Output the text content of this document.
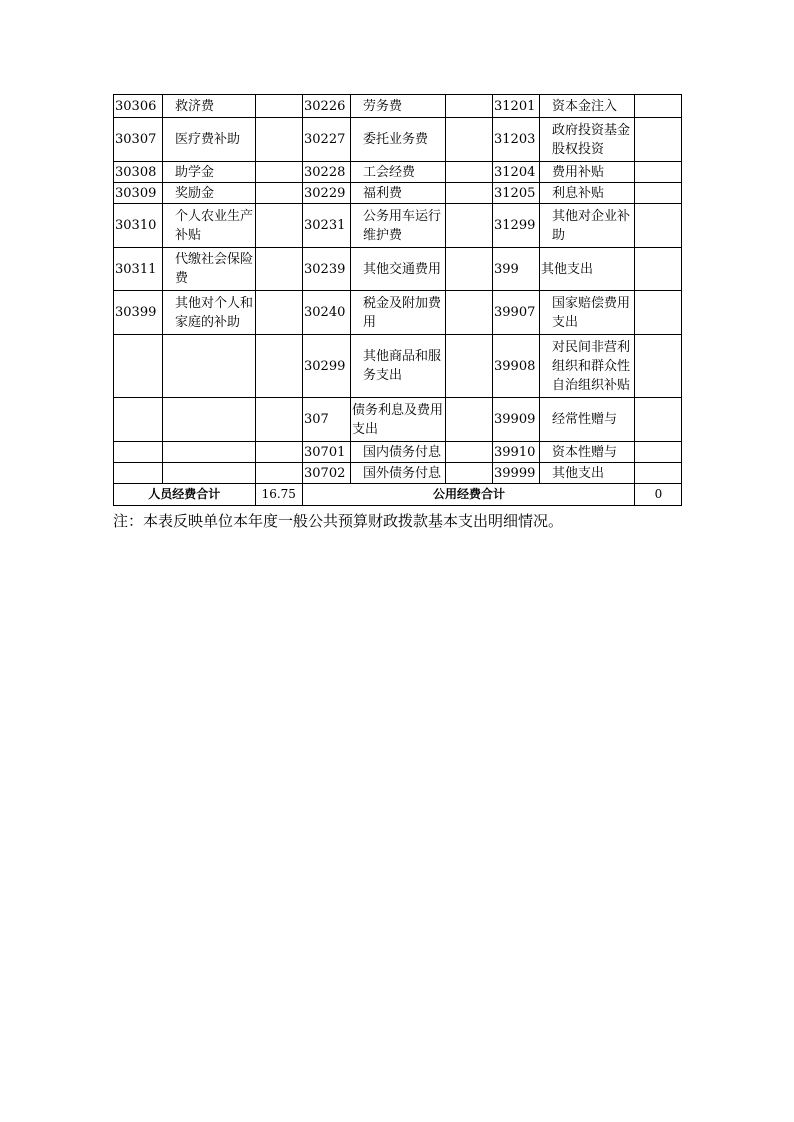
30306	救济费		30226	劳务费		31201	资本金注入	
30307	医疗费补助		30227	委托业务费		31203	政府投资基金股权投资	
30308	助学金		30228	工会经费		31204	费用补贴	
30309	奖励金		30229	福利费		31205	利息补贴	
30310	个人农业生产补贴		30231	公务用车运行维护费		31299	其他对企业补助	
30311	代缴社会保险费		30239	其他交通费用		399	其他支出	
30399	其他对个人和家庭的补助		30240	税金及附加费用		39907	国家赔偿费用支出	
			30299	其他商品和服务支出		39908	对民间非营利组织和群众性自治组织补贴	
			307	债务利息及费用支出		39909	经常性赠与	
			30701	国内债务付息		39910	资本性赠与	
			30702	国外债务付息		39999	其他支出	

人员经费合计 16.75			公用经费合计					0
注：本表反映单位本年度一般公共预算财政拨款基本支出明细情况。
